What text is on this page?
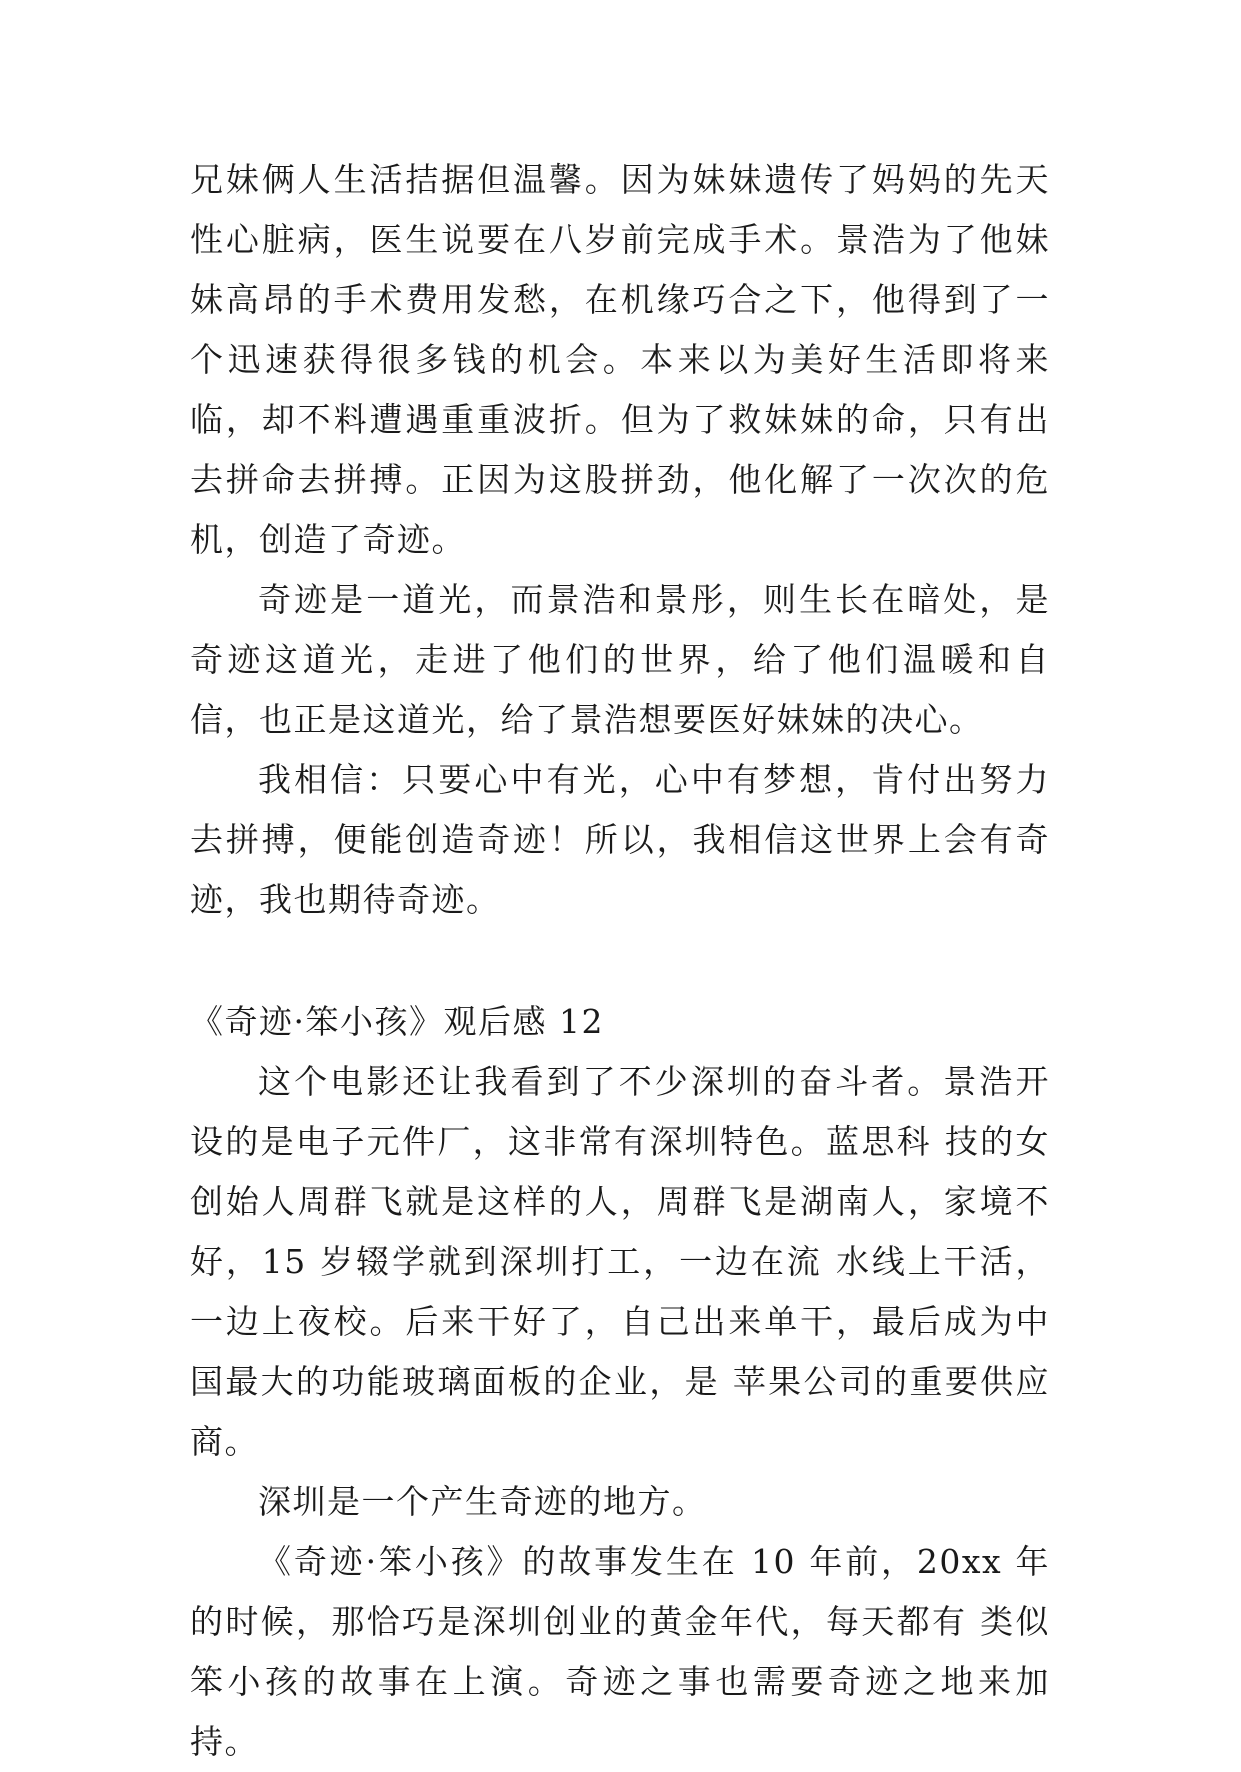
兄妹俩人生活拮据但温馨。因为妹妹遗传了妈妈的先天性心脏病，医生说要在八岁前完成手术。景浩为了他妹妹高昂的手术费用发愁，在机缘巧合之下，他得到了一个迅速获得很多钱的机会。本来以为美好生活即将来临，却不料遭遇重重波折。但为了救妹妹的命，只有出去拼命去拼搏。正因为这股拼劲，他化解了一次次的危机，创造了奇迹。

奇迹是一道光，而景浩和景彤，则生长在暗处，是奇迹这道光，走进了他们的世界，给了他们温暖和自信，也正是这道光，给了景浩想要医好妹妹的决心。

我相信：只要心中有光，心中有梦想，肯付出努力去拼搏，便能创造奇迹！所以，我相信这世界上会有奇迹，我也期待奇迹。

《奇迹·笨小孩》观后感 12

这个电影还让我看到了不少深圳的奋斗者。景浩开设的是电子元件厂，这非常有深圳特色。蓝思科 技的女创始人周群飞就是这样的人，周群飞是湖南人，家境不好，15 岁辍学就到深圳打工，一边在流 水线上干活，一边上夜校。后来干好了，自己出来单干，最后成为中国最大的功能玻璃面板的企业，是 苹果公司的重要供应商。

深圳是一个产生奇迹的地方。

《奇迹·笨小孩》的故事发生在 10 年前，20xx 年的时候，那恰巧是深圳创业的黄金年代，每天都有 类似笨小孩的故事在上演。奇迹之事也需要奇迹之地来加持。
